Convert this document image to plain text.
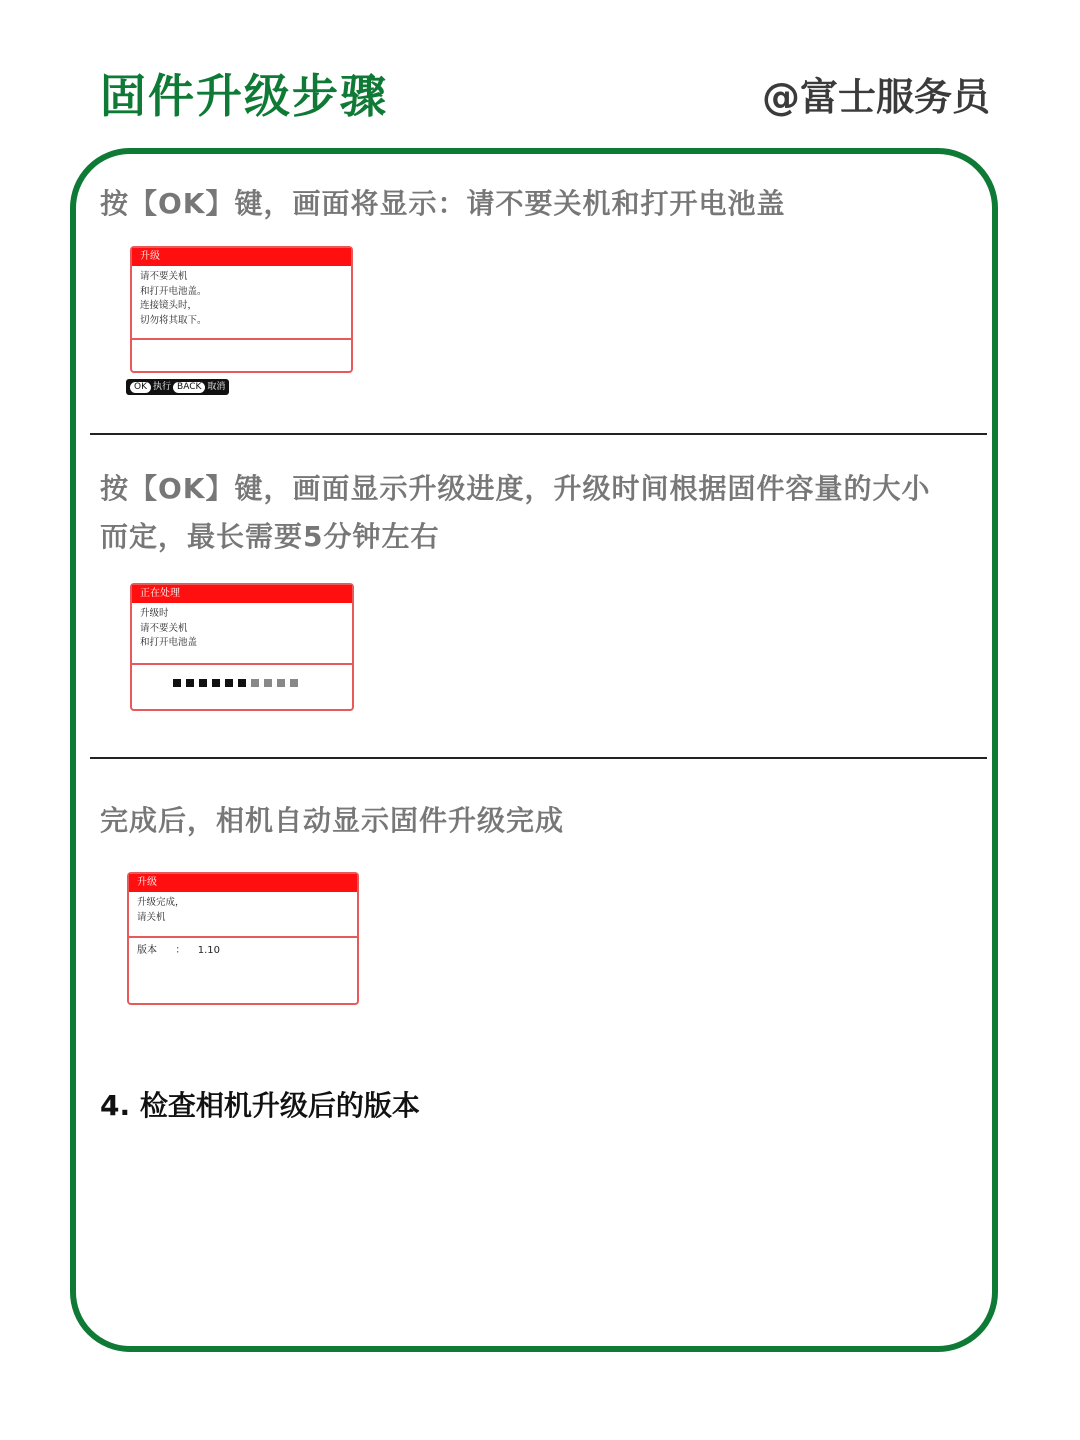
固件升级步骤	@富士服务员
按【OK】键，画面将显示：请不要关机和打开电池盖
升级
请不要关机
和打开电池盖。
连接镜头时，
切勿将其取下。
OK 执行 BACK 取消
按【OK】键，画面显示升级进度，升级时间根据固件容量的大小
而定，最长需要5分钟左右
正在处理
升级时
请不要关机
和打开电池盖
完成后，相机自动显示固件升级完成
升级
升级完成，
请关机
版本 ： 1.10
4. 检查相机升级后的版本
